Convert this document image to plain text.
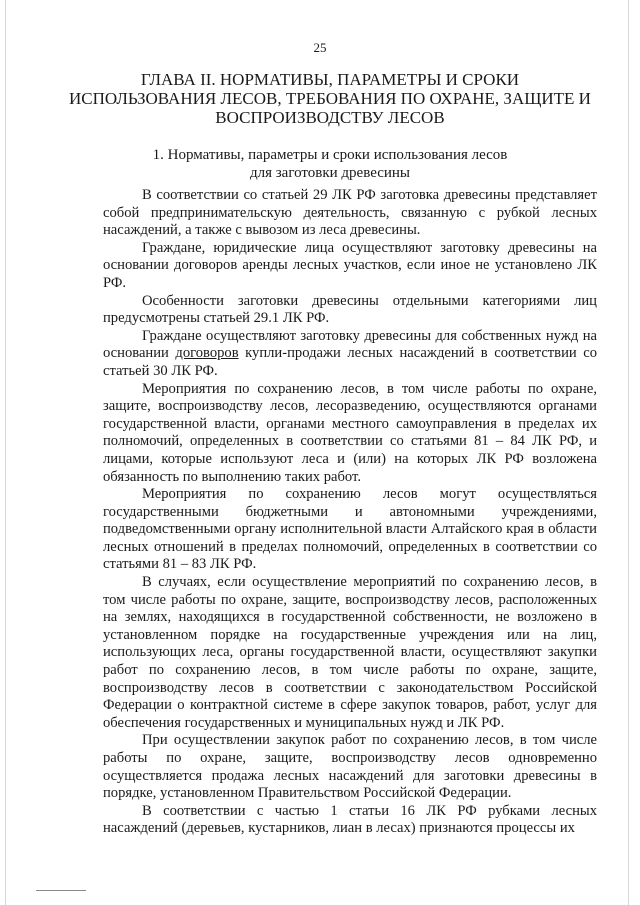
25
ГЛАВА II. НОРМАТИВЫ, ПАРАМЕТРЫ И СРОКИ
ИСПОЛЬЗОВАНИЯ ЛЕСОВ, ТРЕБОВАНИЯ ПО ОХРАНЕ, ЗАЩИТЕ И
ВОСПРОИЗВОДСТВУ ЛЕСОВ
1. Нормативы, параметры и сроки использования лесов
для заготовки древесины

В соответствии со статьей 29 ЛК РФ заготовка древесины представляет собой предпринимательскую деятельность, связанную с рубкой лесных насаждений, а также с вывозом из леса древесины.

Граждане, юридические лица осуществляют заготовку древесины на основании договоров аренды лесных участков, если иное не установлено ЛК РФ.

Особенности заготовки древесины отдельными категориями лиц предусмотрены статьей 29.1 ЛК РФ.

Граждане осуществляют заготовку древесины для собственных нужд на основании договоров купли-продажи лесных насаждений в соответствии со статьей 30 ЛК РФ.

Мероприятия по сохранению лесов, в том числе работы по охране, защите, воспроизводству лесов, лесоразведению, осуществляются органами государственной власти, органами местного самоуправления в пределах их полномочий, определенных в соответствии со статьями 81 – 84 ЛК РФ, и лицами, которые используют леса и (или) на которых ЛК РФ возложена обязанность по выполнению таких работ.

Мероприятия по сохранению лесов могут осуществляться государственными бюджетными и автономными учреждениями, подведомственными органу исполнительной власти Алтайского края в области лесных отношений в пределах полномочий, определенных в соответствии со статьями 81 – 83 ЛК РФ.

В случаях, если осуществление мероприятий по сохранению лесов, в том числе работы по охране, защите, воспроизводству лесов, расположенных на землях, находящихся в государственной собственности, не возложено в установленном порядке на государственные учреждения или на лиц, использующих леса, органы государственной власти, осуществляют закупки работ по сохранению лесов, в том числе работы по охране, защите, воспроизводству лесов в соответствии с законодательством Российской Федерации о контрактной системе в сфере закупок товаров, работ, услуг для обеспечения государственных и муниципальных нужд и ЛК РФ.

При осуществлении закупок работ по сохранению лесов, в том числе работы по охране, защите, воспроизводству лесов одновременно осуществляется продажа лесных насаждений для заготовки древесины в порядке, установленном Правительством Российской Федерации.

В соответствии с частью 1 статьи 16 ЛК РФ рубками лесных насаждений (деревьев, кустарников, лиан в лесах) признаются процессы их
